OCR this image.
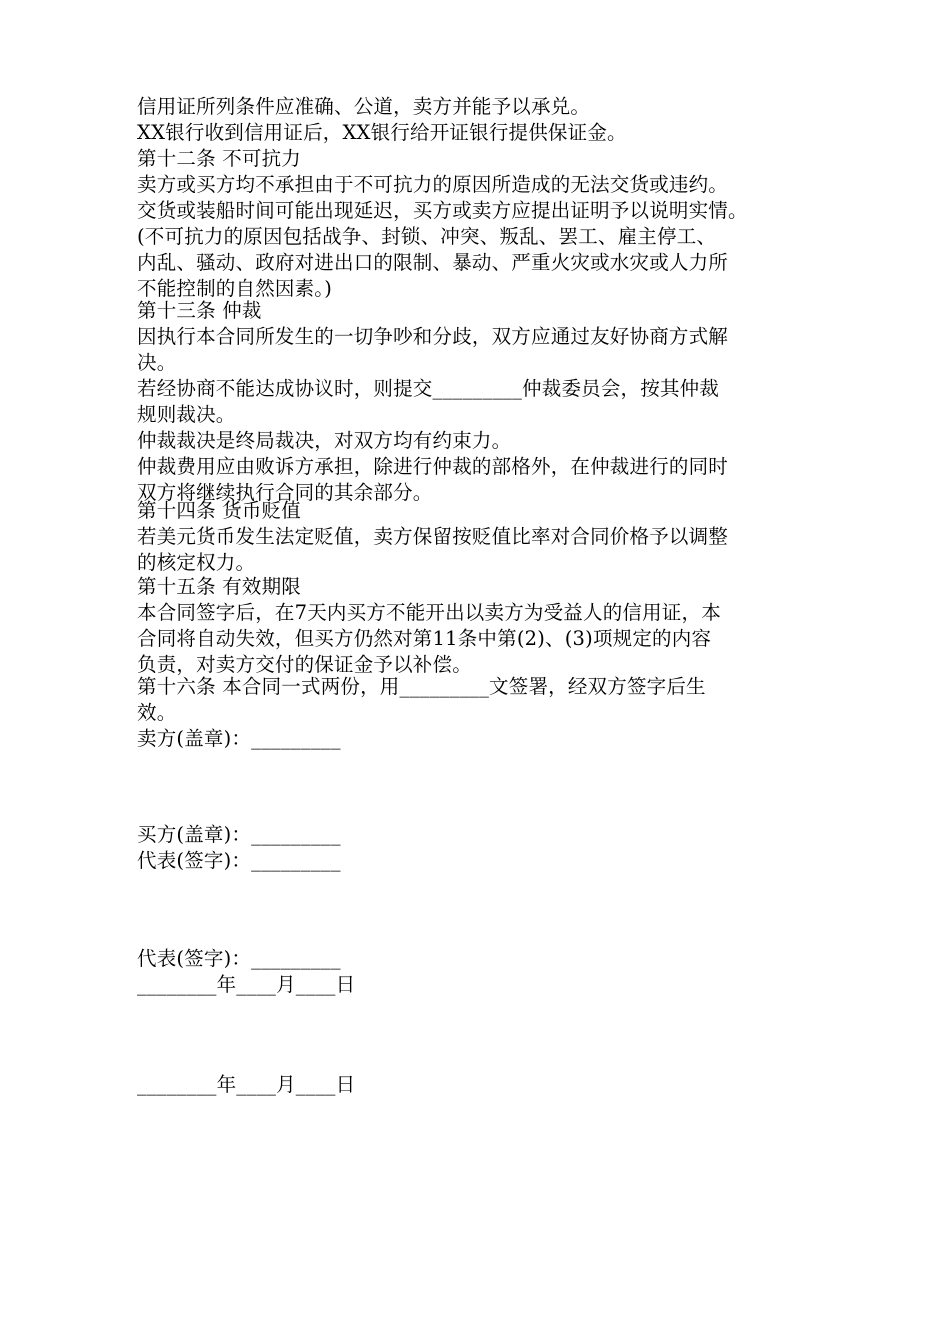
信用证所列条件应准确、公道，卖方并能予以承兑。
XX银行收到信用证后，XX银行给开证银行提供保证金。
第十二条 不可抗力
卖方或买方均不承担由于不可抗力的原因所造成的无法交货或违约。
交货或装船时间可能出现延迟，买方或卖方应提出证明予以说明实情。
(不可抗力的原因包括战争、封锁、冲突、叛乱、罢工、雇主停工、
内乱、骚动、政府对进出口的限制、暴动、严重火灾或水灾或人力所
不能控制的自然因素。)
第十三条 仲裁
因执行本合同所发生的一切争吵和分歧，双方应通过友好协商方式解
决。
若经协商不能达成协议时，则提交_________仲裁委员会，按其仲裁
规则裁决。
仲裁裁决是终局裁决，对双方均有约束力。
仲裁费用应由败诉方承担，除进行仲裁的部格外，在仲裁进行的同时
双方将继续执行合同的其余部分。
第十四条 货币贬值
若美元货币发生法定贬值，卖方保留按贬值比率对合同价格予以调整
的核定权力。
第十五条 有效期限
本合同签字后，在7天内买方不能开出以卖方为受益人的信用证，本
合同将自动失效，但买方仍然对第11条中第(2)、(3)项规定的内容
负责，对卖方交付的保证金予以补偿。
第十六条 本合同一式两份，用_________文签署，经双方签字后生
效。
卖方(盖章)：_________
买方(盖章)：_________
代表(签字)：_________
代表(签字)：_________
________年____月____日
________年____月____日
